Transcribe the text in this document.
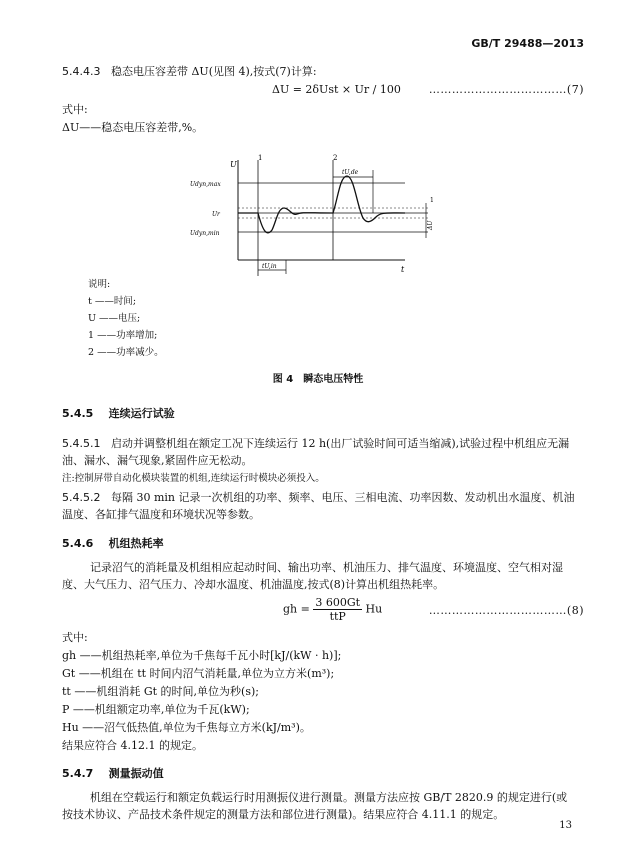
GB/T 29488—2013
5.4.4.3 稳态电压容差带 ΔU(见图 4),按式(7)计算:
ΔU = 2δUst × Ur / 100	………………………………(7)
式中:
ΔU——稳态电压容差带,%。
U
t
1	2
Udyn,max
Ur
Udyn,min
tU,in
tU,de
1
ΔU
说明:
t ——时间;
U ——电压;
1 ——功率增加;
2 ——功率减少。
图 4　瞬态电压特性
5.4.5 连续运行试验
5.4.5.1 启动并调整机组在额定工况下连续运行 12 h(出厂试验时间可适当缩减),试验过程中机组应无漏油、漏水、漏气现象,紧固件应无松动。
注:控制屏带自动化模块装置的机组,连续运行时模块必须投入。
5.4.5.2 每隔 30 min 记录一次机组的功率、频率、电压、三相电流、功率因数、发动机出水温度、机油温度、各缸排气温度和环境状况等参数。
5.4.6 机组热耗率
记录沼气的消耗量及机组相应起动时间、输出功率、机油压力、排气温度、环境温度、空气相对湿度、大气压力、沼气压力、冷却水温度、机油温度,按式(8)计算出机组热耗率。
gh = $\frac{3 600Gt}{\text{ttP}}$ Hu	………………………………(8)
式中:
gh ——机组热耗率,单位为千焦每千瓦小时[kJ/(kW · h)];
Gt ——机组在 tt 时间内沼气消耗量,单位为立方米(m³);
tt ——机组消耗 Gt 的时间,单位为秒(s);
P ——机组额定功率,单位为千瓦(kW);
Hu ——沼气低热值,单位为千焦每立方米(kJ/m³)。
结果应符合 4.12.1 的规定。
5.4.7 测量振动值
机组在空载运行和额定负载运行时用测振仪进行测量。测量方法应按 GB/T 2820.9 的规定进行(或按技术协议、产品技术条件规定的测量方法和部位进行测量)。结果应符合 4.11.1 的规定。
13
